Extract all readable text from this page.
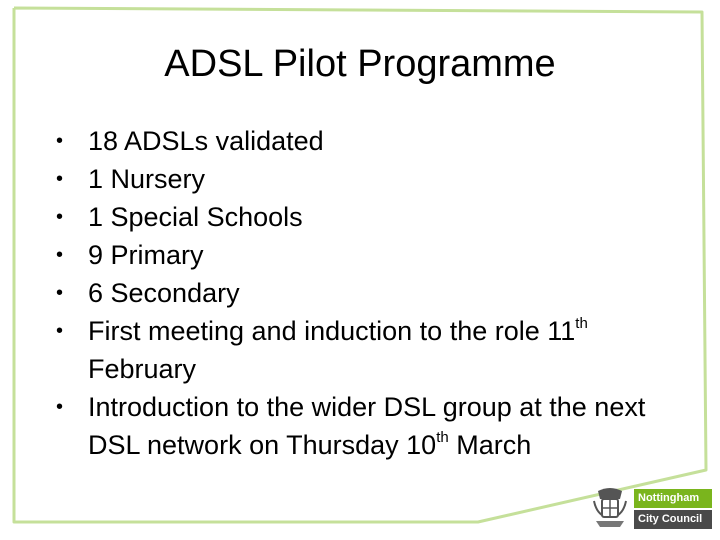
ADSL Pilot Programme
• 18 ADSLs validated
• 1 Nursery
• 1 Special Schools
• 9 Primary
• 6 Secondary
• First meeting and induction to the role 11th February
• Introduction to the wider DSL group at the next DSL network on Thursday 10th March
Nottingham
City Council
